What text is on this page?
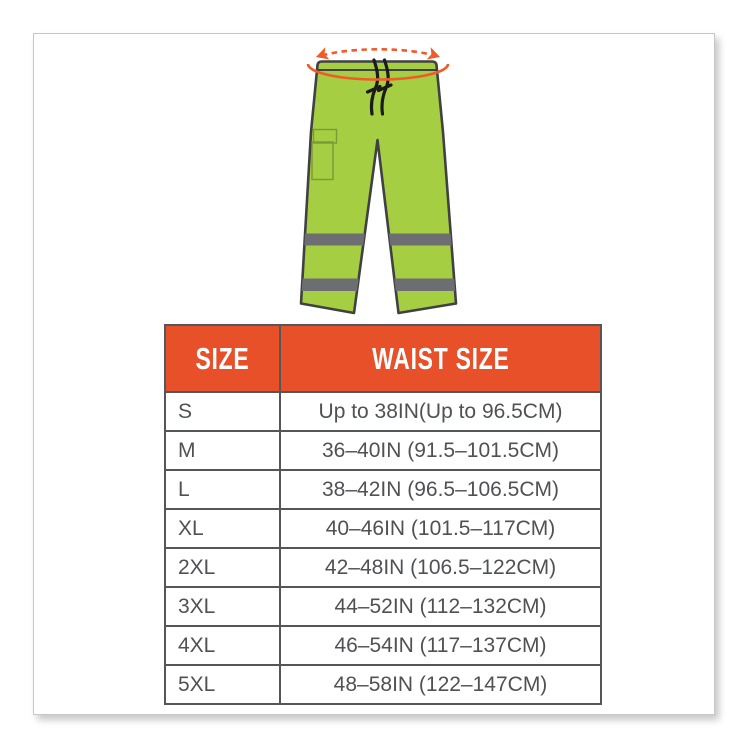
SIZE	WAIST SIZE
S	Up to 38IN(Up to 96.5CM)
M	36–40IN (91.5–101.5CM)
L	38–42IN (96.5–106.5CM)
XL	40–46IN (101.5–117CM)
2XL	42–48IN (106.5–122CM)
3XL	44–52IN (112–132CM)
4XL	46–54IN (117–137CM)
5XL	48–58IN (122–147CM)
